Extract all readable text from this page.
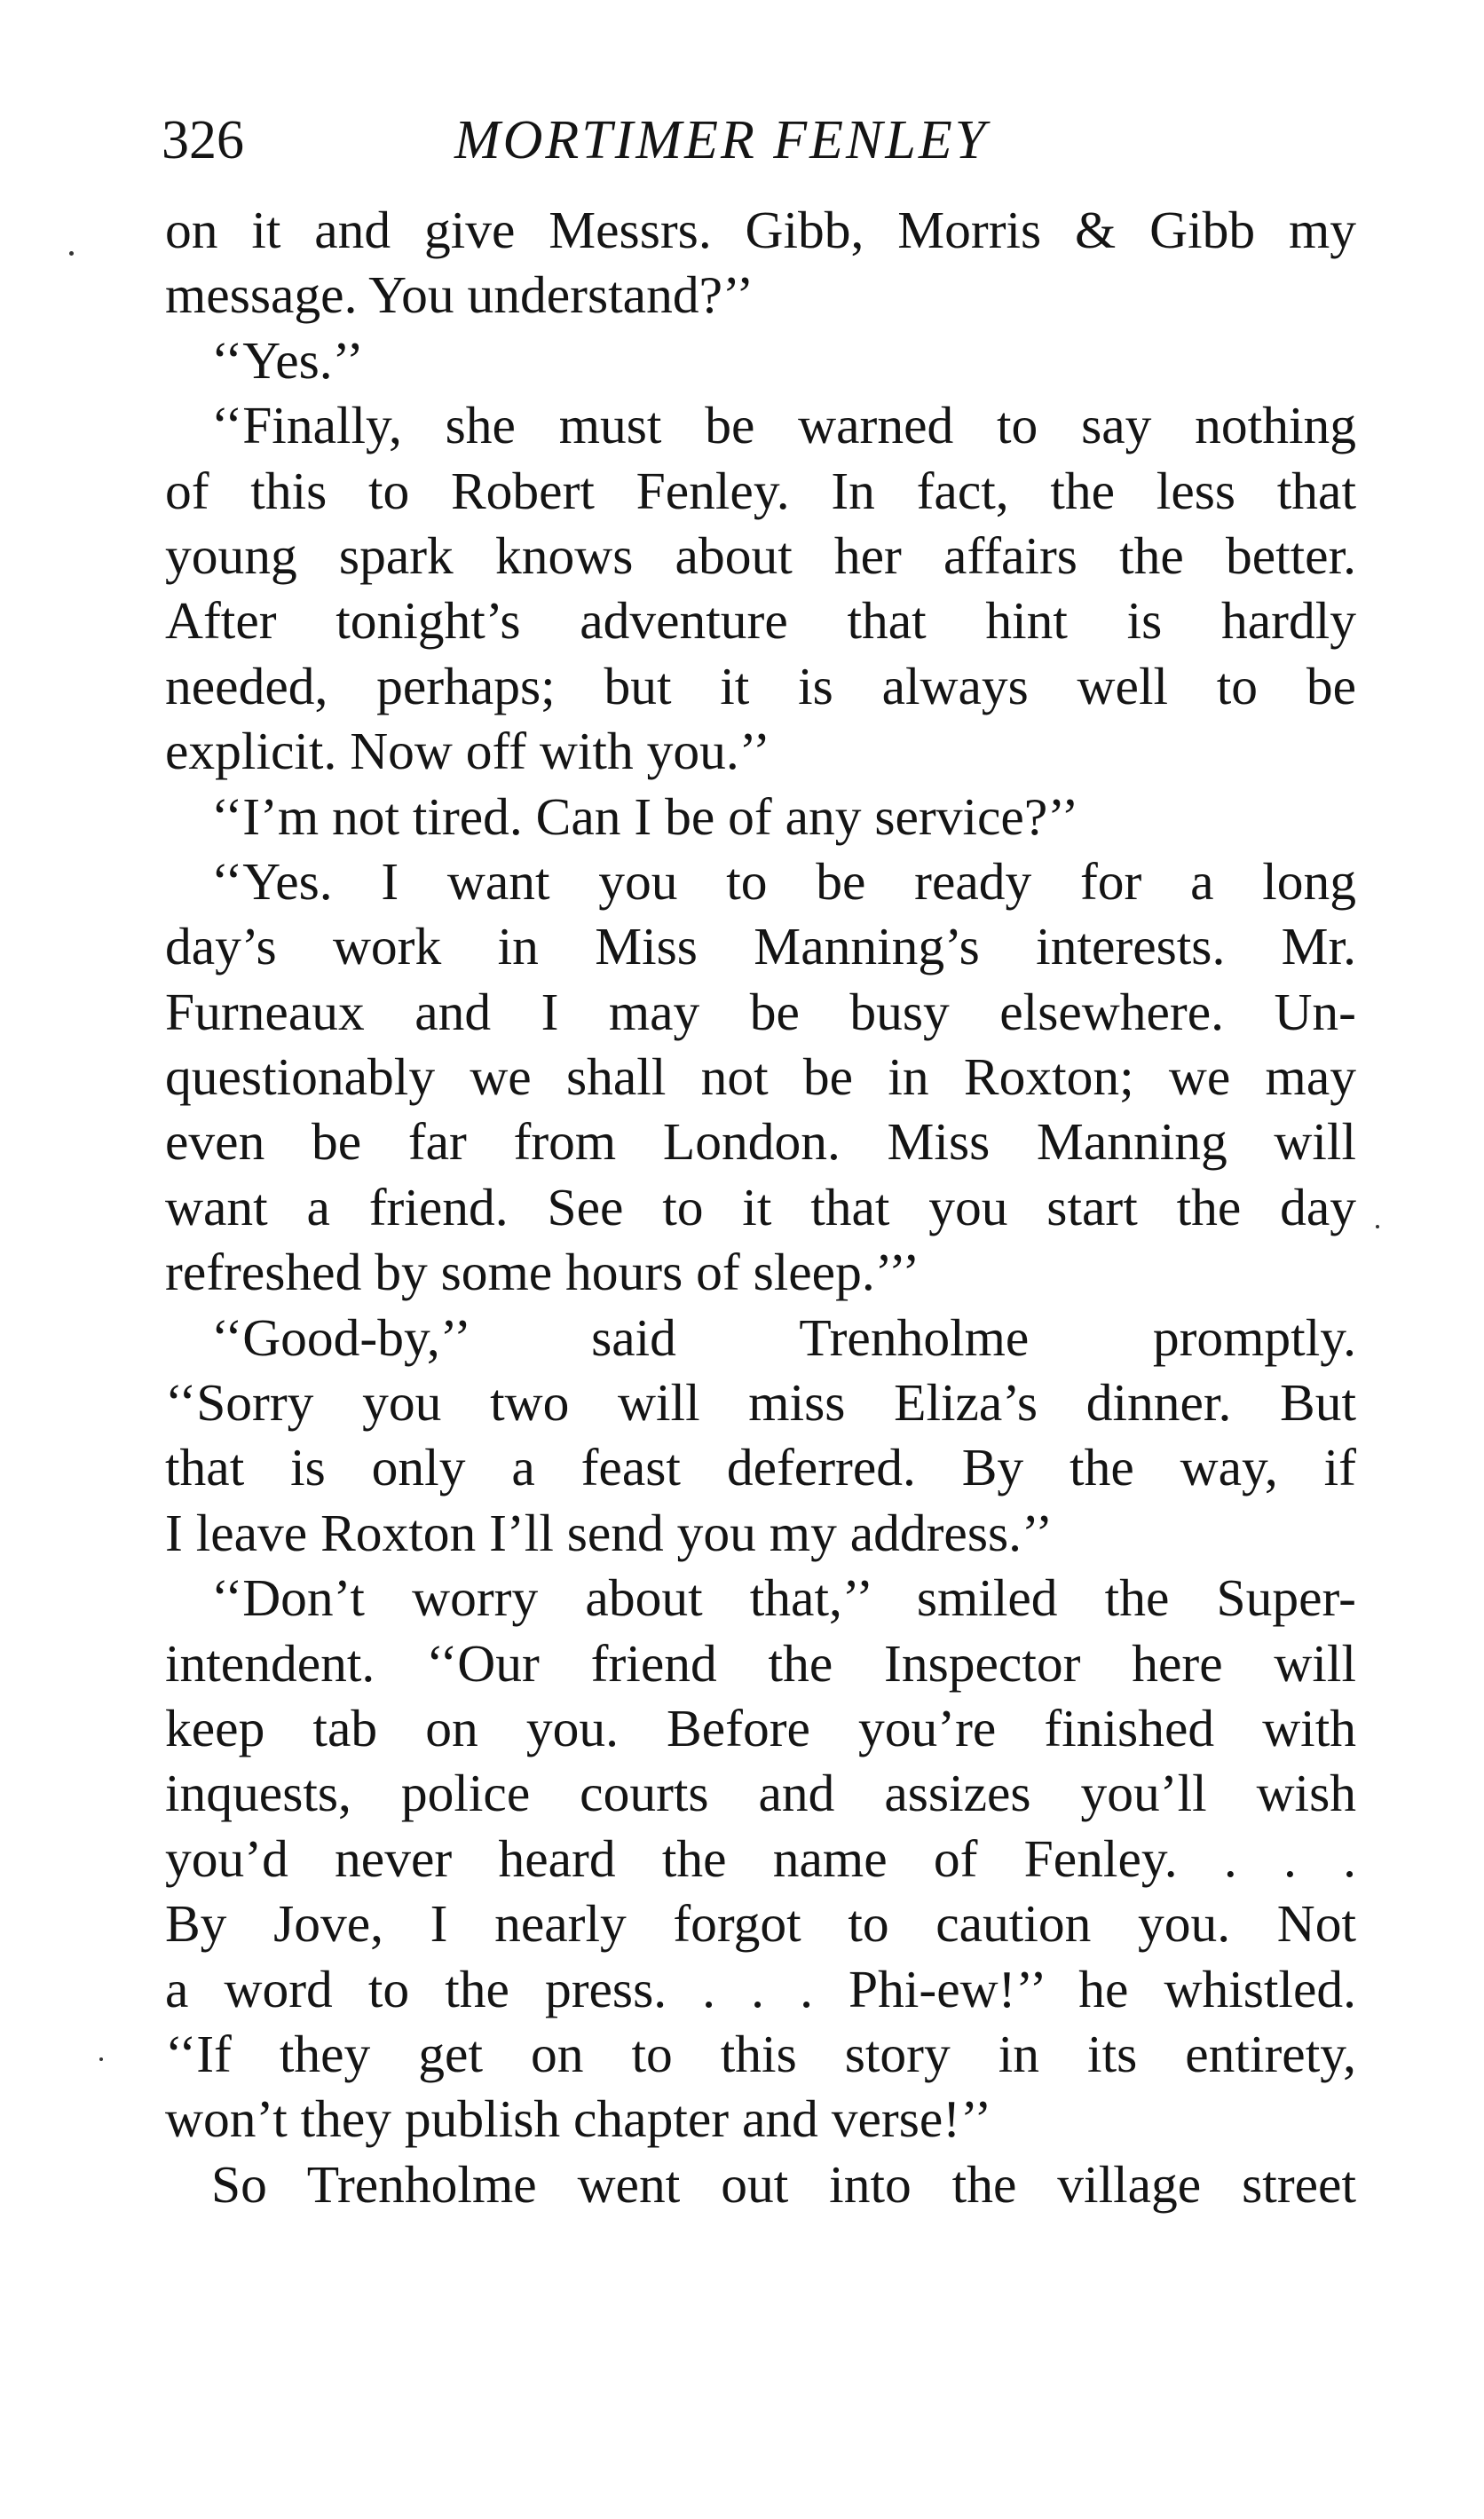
326	MORTIMER FENLEY
on it and give Messrs. Gibb, Morris & Gibb my
message. You understand?’’
‘‘Yes.’’
‘‘Finally, she must be warned to say nothing
of this to Robert Fenley. In fact, the less that
young spark knows about her affairs the better.
After tonight’s adventure that hint is hardly
needed, perhaps; but it is always well to be
explicit. Now off with you.’’
‘‘I’m not tired. Can I be of any service?’’
‘‘Yes. I want you to be ready for a long
day’s work in Miss Manning’s interests. Mr.
Furneaux and I may be busy elsewhere. Un-
questionably we shall not be in Roxton; we may
even be far from London. Miss Manning will
want a friend. See to it that you start the day
refreshed by some hours of sleep.’’’
‘‘Good-by,’’ said Trenholme promptly.
‘‘Sorry you two will miss Eliza’s dinner. But
that is only a feast deferred. By the way, if
I leave Roxton I’ll send you my address.’’
‘‘Don’t worry about that,’’ smiled the Super-
intendent. ‘‘Our friend the Inspector here will
keep tab on you. Before you’re finished with
inquests, police courts and assizes you’ll wish
you’d never heard the name of Fenley. . . .
By Jove, I nearly forgot to caution you. Not
a word to the press. . . . Phi-ew!’’ he whistled.
‘‘If they get on to this story in its entirety,
won’t they publish chapter and verse!’’
So Trenholme went out into the village street
